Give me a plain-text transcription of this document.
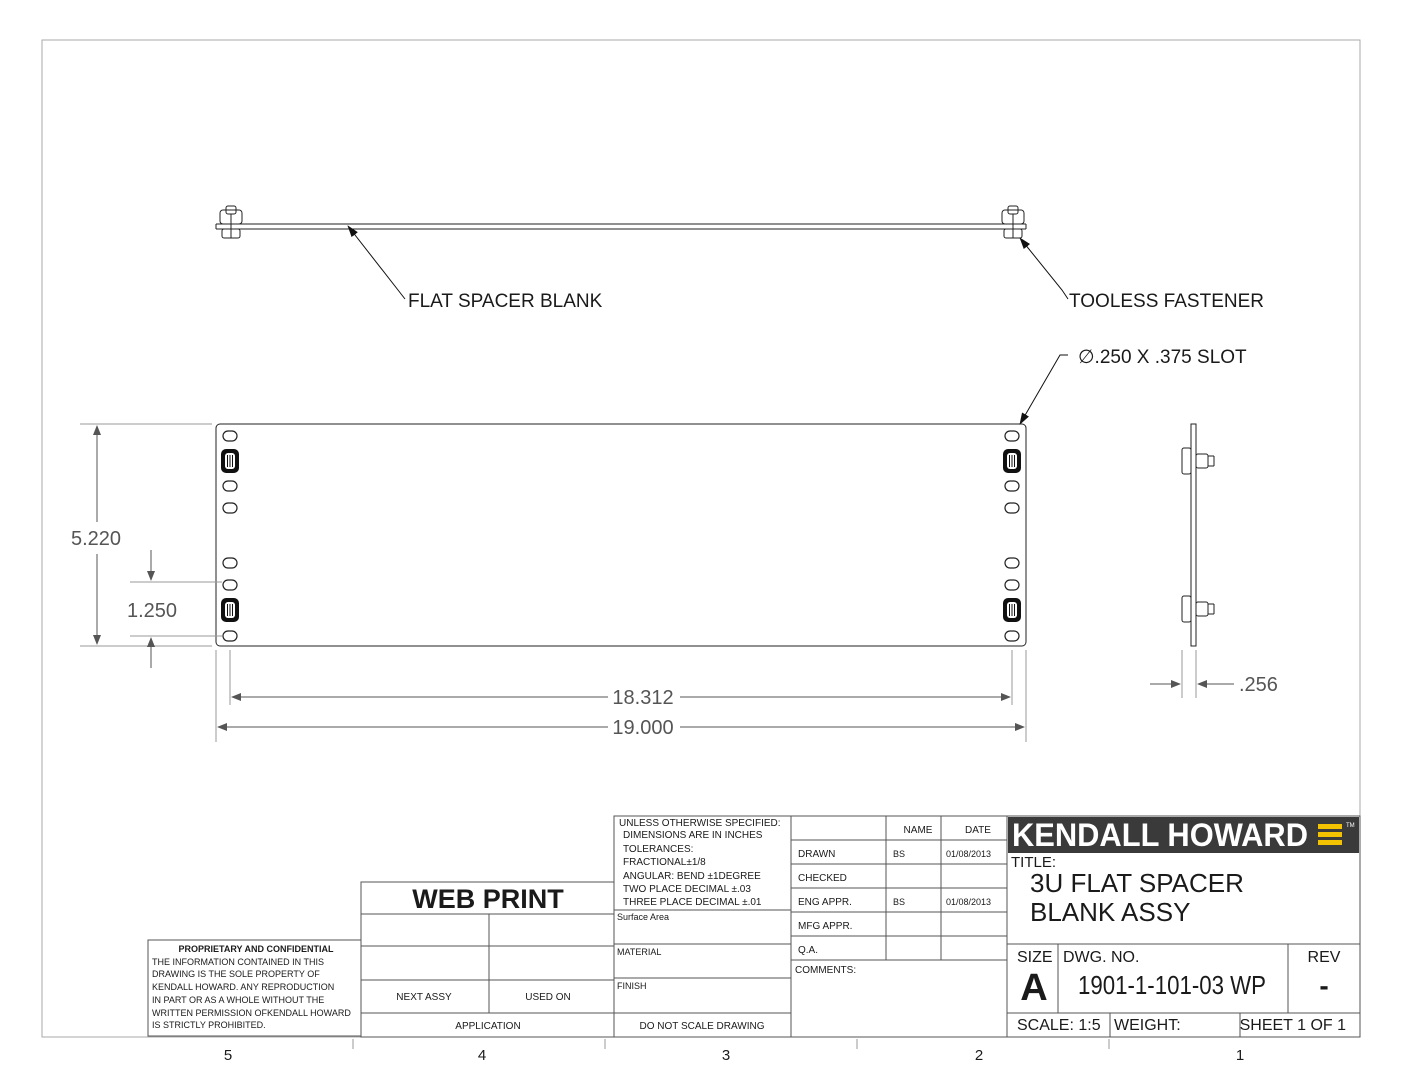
FLAT SPACER BLANK	TOOLESS FASTENER
∅.250 X .375 SLOT
5.220
1.250
18.312
19.000
.256
PROPRIETARY AND CONFIDENTIAL
THE INFORMATION CONTAINED IN THIS
DRAWING IS THE SOLE PROPERTY OF
KENDALL HOWARD. ANY REPRODUCTION
IN PART OR AS A WHOLE WITHOUT THE
WRITTEN PERMISSION OFKENDALL HOWARD
IS STRICTLY PROHIBITED.
WEB PRINT
NEXT ASSY	USED ON
APPLICATION
UNLESS OTHERWISE SPECIFIED:
DIMENSIONS ARE IN INCHES
TOLERANCES:
FRACTIONAL±1/8
ANGULAR: BEND ±1DEGREE
TWO PLACE DECIMAL ±.03
THREE PLACE DECIMAL ±.01
Surface Area
MATERIAL
FINISH
DO NOT SCALE DRAWING
NAME	DATE
DRAWN	BS	01/08/2013
CHECKED
ENG APPR.	BS	01/08/2013
MFG APPR.
Q.A.
COMMENTS:
KENDALL HOWARD	TM
TITLE:
3U FLAT SPACER
BLANK ASSY
SIZE
A
DWG. NO.
1901-1-101-03 WP
REV
-
SCALE: 1:5 WEIGHT:	SHEET 1 OF 1
5	4	3	2	1
